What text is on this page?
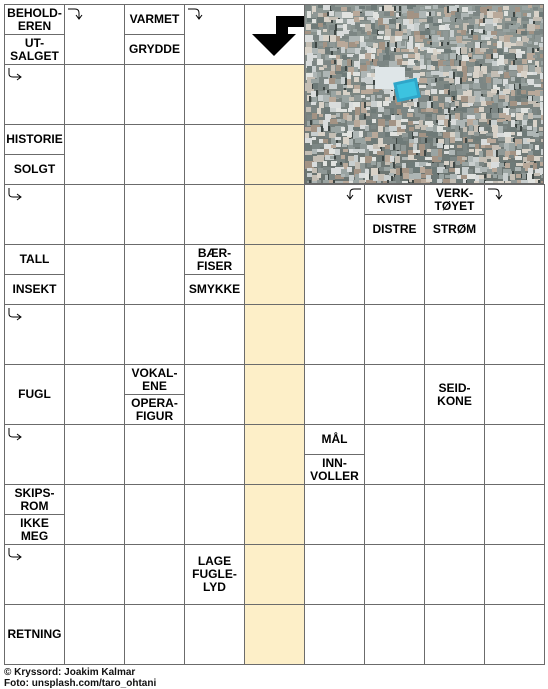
BEHOLD-
EREN
UT-
SALGET
VARMET
GRYDDE
HISTORIE
SOLGT
KVIST
DISTRE
VERK-
TØYET
STRØM
TALL
INSEKT
BÆR-
FISER
SMYKKE
FUGL
VOKAL-
ENE
OPERA-
FIGUR
SEID-
KONE
MÅL
INN-
VOLLER
SKIPS-
ROM
IKKE
MEG
LAGE
FUGLE-
LYD
RETNING
© Kryssord: Joakim Kalmar
Foto: unsplash.com/taro_ohtani
